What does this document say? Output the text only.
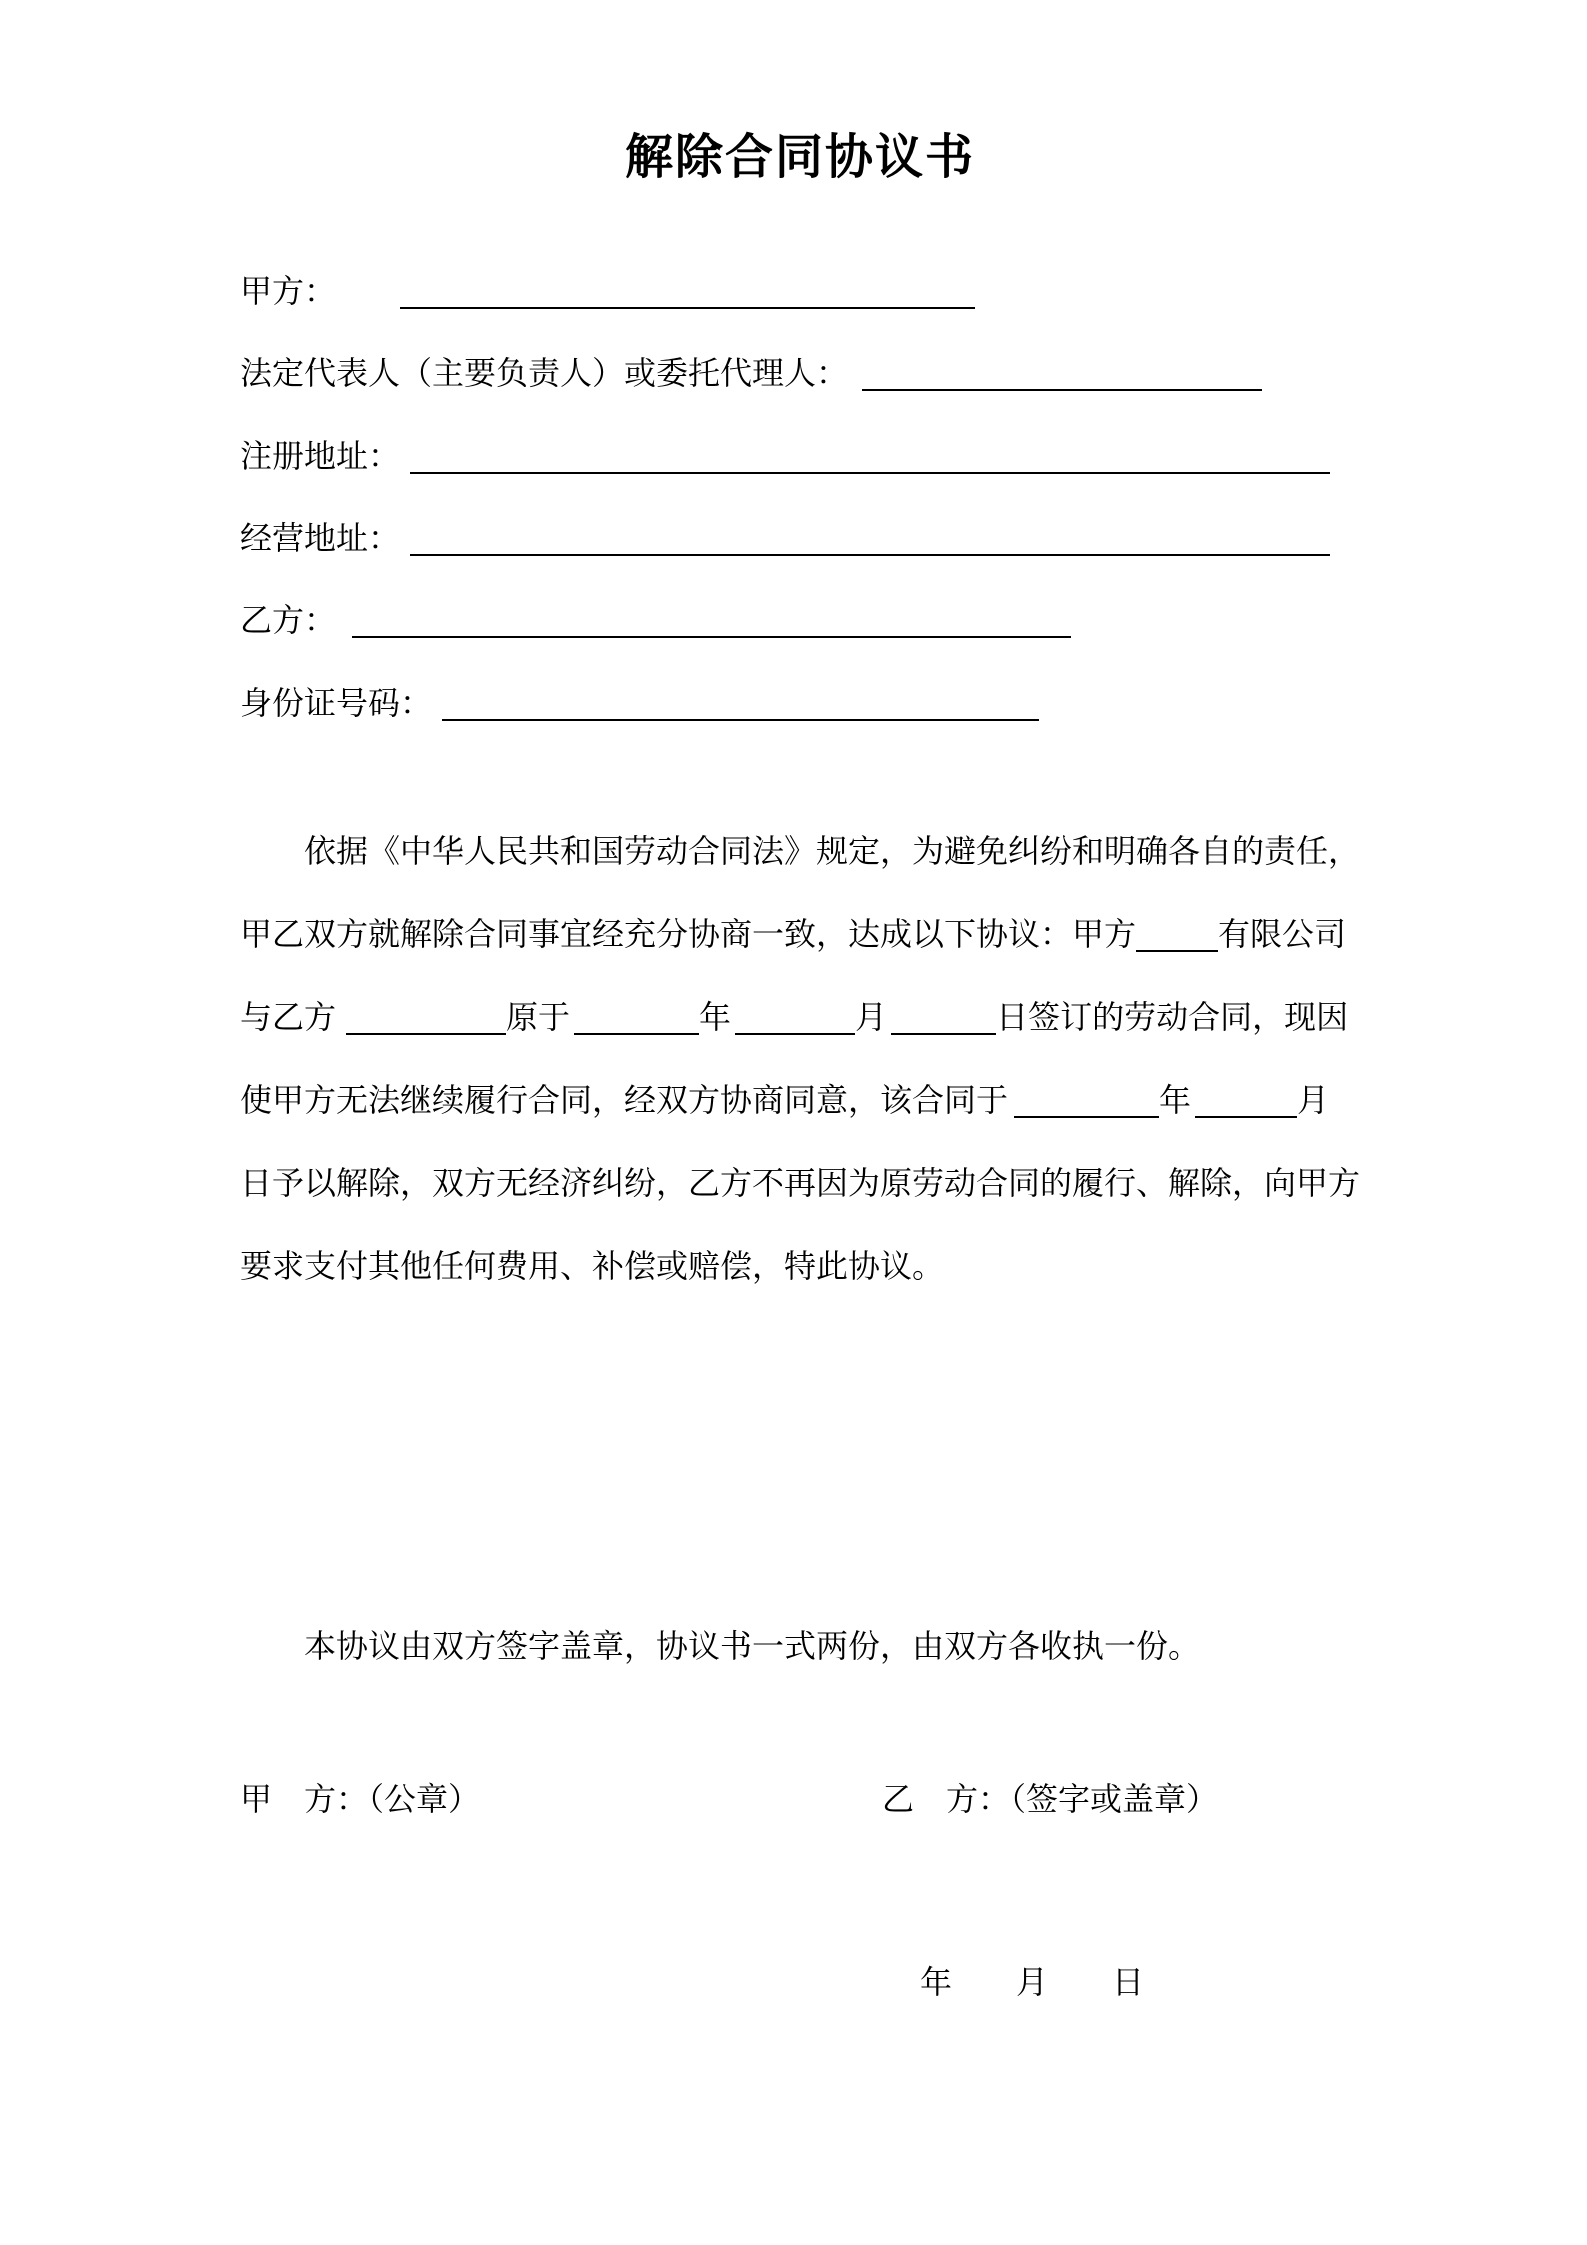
解除合同协议书
甲方：
法定代表人（主要负责人）或委托代理人：
注册地址：
经营地址：
乙方：
身份证号码：
　　依据《中华人民共和国劳动合同法》规定，为避免纠纷和明确各自的责任，
甲乙双方就解除合同事宜经充分协商一致，达成以下协议：甲方	有限公司
与乙方	原于	年	月	日签订的劳动合同，现因
使甲方无法继续履行合同，经双方协商同意，该合同于	年	月
日予以解除，双方无经济纠纷，乙方不再因为原劳动合同的履行、解除，向甲方
要求支付其他任何费用、补偿或赔偿，特此协议。
　　本协议由双方签字盖章，协议书一式两份，由双方各收执一份。
甲　方：（公章）	乙　方：（签字或盖章）
年　　月　　日
